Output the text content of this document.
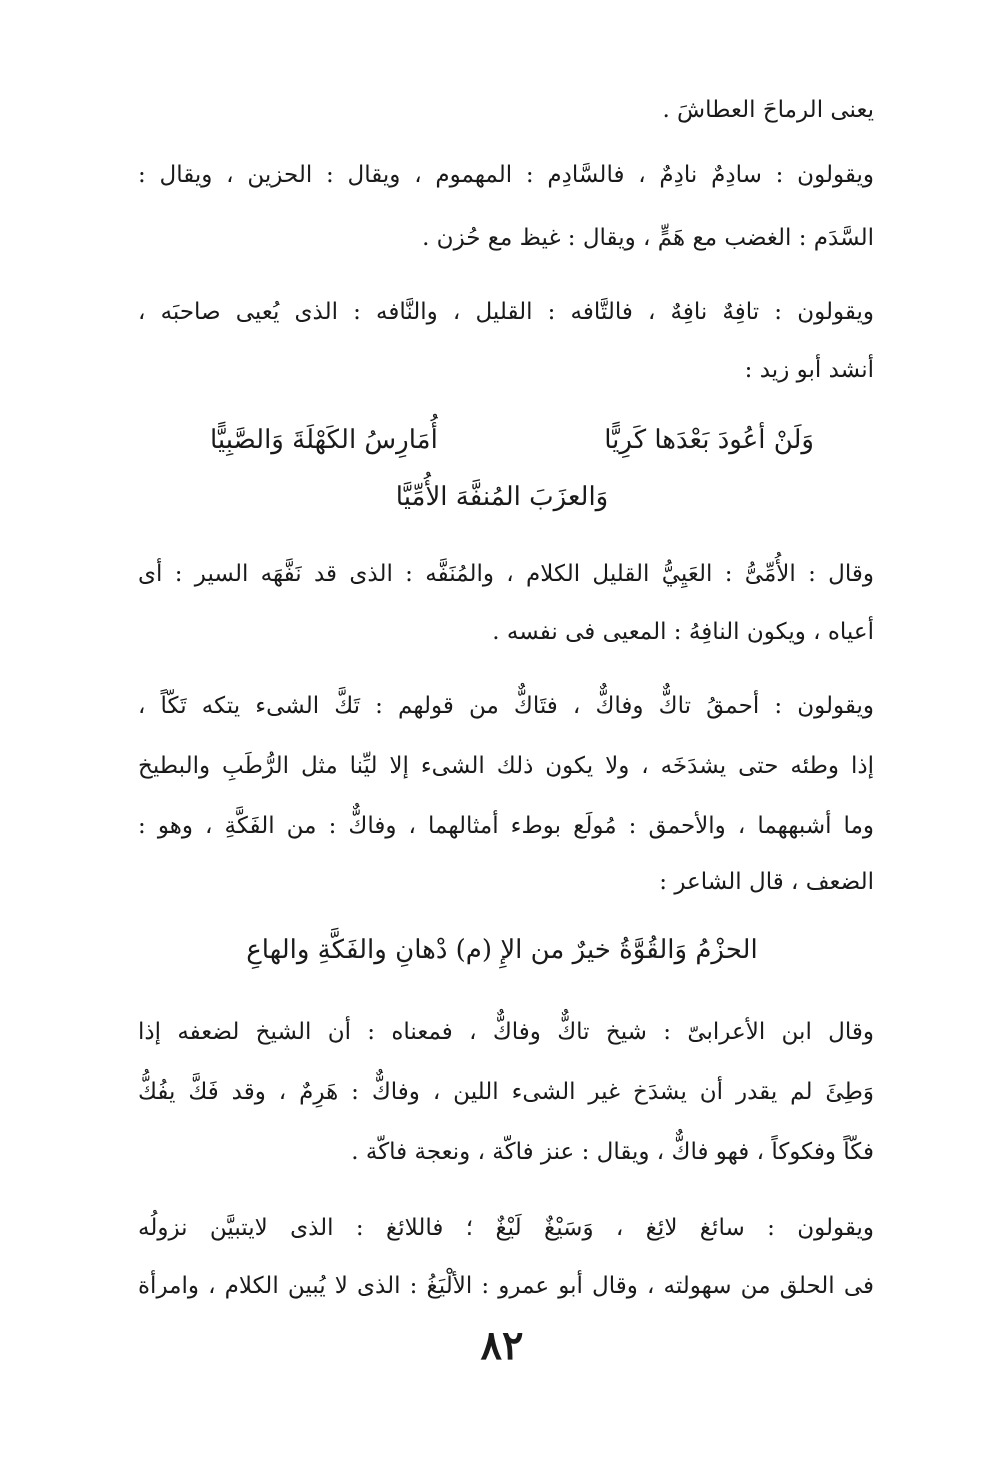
يعنى الرماحَ العطاشَ .
ويقولون : سادِمٌ نادِمٌ ، فالسَّادِم : المهموم ، ويقال : الحزين ، ويقال :
السَّدَم : الغضب مع هَمٍّ ، ويقال : غيظ مع حُزن .
ويقولون : تافِهٌ نافِهٌ ، فالتَّافه : القليل ، والنَّافه : الذى يُعيى صاحبَه ،
أنشد أبو زيد :
وَلَنْ أعُودَ بَعْدَها كَرِيًّا
أُمَارِسُ الكَهْلَةَ وَالصَّبِيًّا
وَالعزَبَ المُنفَّهَ الأُمِّيَّا
وقال : الأُمِّىُّ : العَيِيُّ القليل الكلام ، والمُنَفَّه : الذى قد نَفَّهَه السير : أى
أعياه ، ويكون النافِهُ : المعيى فى نفسه .
ويقولون : أحمقُ تاكٌّ وفاكٌّ ، فتَاكٌّ من قولهم : تَكَّ الشىء يتكه تَكّاً ،
إذا وطئه حتى يشدَخَه ، ولا يكون ذلك الشىء إلا ليِّنا مثل الرُّطَبِ والبطيخ
وما أشبههما ، والأحمق : مُولَع بوطء أمثالهما ، وفاكٌّ : من الفَكَّةِ ، وهو :
الضعف ، قال الشاعر :
الحزْمُ وَالقُوَّةُ خيرٌ من الإِ (م) دْهانِ والفَكَّةِ والهاعِ
وقال ابن الأعرابىّ : شيخ تاكٌّ وفاكٌّ ، فمعناه : أن الشيخ لضعفه إذا
وَطِئَ لم يقدر أن يشدَخ غير الشىء اللين ، وفاكٌّ : هَرِمٌ ، وقد فَكَّ يفُكُّ
فكّاً وفكوكاً ، فهو فاكٌّ ، ويقال : عنز فاكّة ، ونعجة فاكّة .
ويقولون : سائغ لائِغ ، وَسَيْغٌ لَيْغٌ ؛ فاللائغ : الذى لايتبيَّن نزولُه
فى الحلق من سهولته ، وقال أبو عمرو : الألْيَغُ : الذى لا يُبين الكلام ، وامرأة
٨٢
